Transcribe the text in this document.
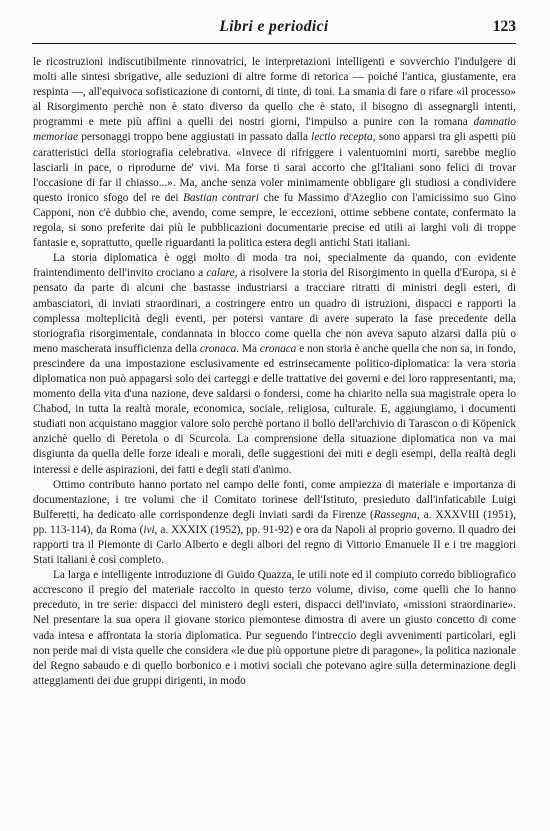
Libri e periodici	123

le ricostruzioni indiscutibilmente rinnovatrici, le interpretazioni intelligenti e sovverchio l'indulgere di molti alle sintesi sbrigative, alle seduzioni di altre forme di retorica — poiché l'antica, giustamente, era respinta —, all'equivoca sofisticazione di contorni, di tinte, di toni. La smania di fare o rifare «il processo» al Risorgimento perchè non è stato diverso da quello che è stato, il bisogno di assegnargli intenti, programmi e mete più affini a quelli dei nostri giorni, l'impulso a punire con la romana damnatio memoriae personaggi troppo bene aggiustati in passato dalla lectio recepta, sono apparsi tra gli aspetti più caratteristici della storiografia celebrativa. «Invece di rifriggere i valentuomini morti, sarebbe meglio lasciarli in pace, o riprodurne de' vivi. Ma forse ti sarai accorto che gl'Italiani sono felici di trovar l'occasione di far il chiasso...». Ma, anche senza voler minimamente obbligare gli studiosi a condividere questo ironico sfogo del re dei Bastian contrari che fu Massimo d'Azeglio con l'amicissimo suo Gino Capponi, non c'è dubbio che, avendo, come sempre, le eccezioni, ottime sebbene contate, confermato la regola, si sono preferite dai più le pubblicazioni documentarie precise ed utili ai larghi voli di troppe fantasie e, soprattutto, quelle riguardanti la politica estera degli antichi Stati italiani.

La storia diplomatica è oggi molto di moda tra noi, specialmente da quando, con evidente fraintendimento dell'invito crociano a calare, a risolvere la storia del Risorgimento in quella d'Europa, si è pensato da parte di alcuni che bastasse industriarsi a tracciare ritratti di ministri degli esteri, di ambasciatori, di inviati straordinari, a costringere entro un quadro di istruzioni, dispacci e rapporti la complessa molteplicità degli eventi, per potersi vantare di avere superato la fase precedente della storiografia risorgimentale, condannata in blocco come quella che non aveva saputo alzarsi dalla più o meno mascherata insufficienza della cronaca. Ma cronaca e non storia è anche quella che non sa, in fondo, prescindere da una impostazione esclusivamente ed estrinsecamente politico-diplomatica: la vera storia diplomatica non può appagarsi solo dei carteggi e delle trattative dei governi e dei loro rappresentanti, ma, momento della vita d'una nazione, deve saldarsi o fondersi, come ha chiarito nella sua magistrale opera lo Chabod, in tutta la realtà morale, economica, sociale, religiosa, culturale. E, aggiungiamo, i documenti studiati non acquistano maggior valore solo perchè portano il bollo dell'archivio di Tarascon o di Köpenick anzichè quello di Peretola o di Scurcola. La comprensione della situazione diplomatica non va mai disgiunta da quella delle forze ideali e morali, delle suggestioni dei miti e degli esempi, della realtà degli interessi e delle aspirazioni, dei fatti e degli stati d'animo.

Ottimo contributo hanno portato nel campo delle fonti, come ampiezza di materiale e importanza di documentazione, i tre volumi che il Comitato torinese dell'Istituto, presieduto dall'infaticabile Luigi Bulferetti, ha dedicato alle corrispondenze degli inviati sardi da Firenze (Rassegna, a. XXXVIII (1951), pp. 113-114), da Roma (ivi, a. XXXIX (1952), pp. 91-92) e ora da Napoli al proprio governo. Il quadro dei rapporti tra il Piemonte di Carlo Alberto e degli albori del regno di Vittorio Emanuele II e i tre maggiori Stati italiani è così completo.

La larga e intelligente introduzione di Guido Quazza, le utili note ed il compiuto corredo bibliografico accrescono il pregio del materiale raccolto in questo terzo volume, diviso, come quelli che lo hanno preceduto, in tre serie: dispacci del ministero degli esteri, dispacci dell'inviato, «missioni straordinarie». Nel presentare la sua opera il giovane storico piemontese dimostra di avere un giusto concetto di come vada intesa e affrontata la storia diplomatica. Pur seguendo l'intreccio degli avvenimenti particolari, egli non perde mai di vista quelle che considera «le due più opportune pietre di paragone», la politica nazionale del Regno sabaudo e di quello borbonico e i motivi sociali che potevano agire sulla determinazione degli atteggiamenti dei due gruppi dirigenti, in modo
